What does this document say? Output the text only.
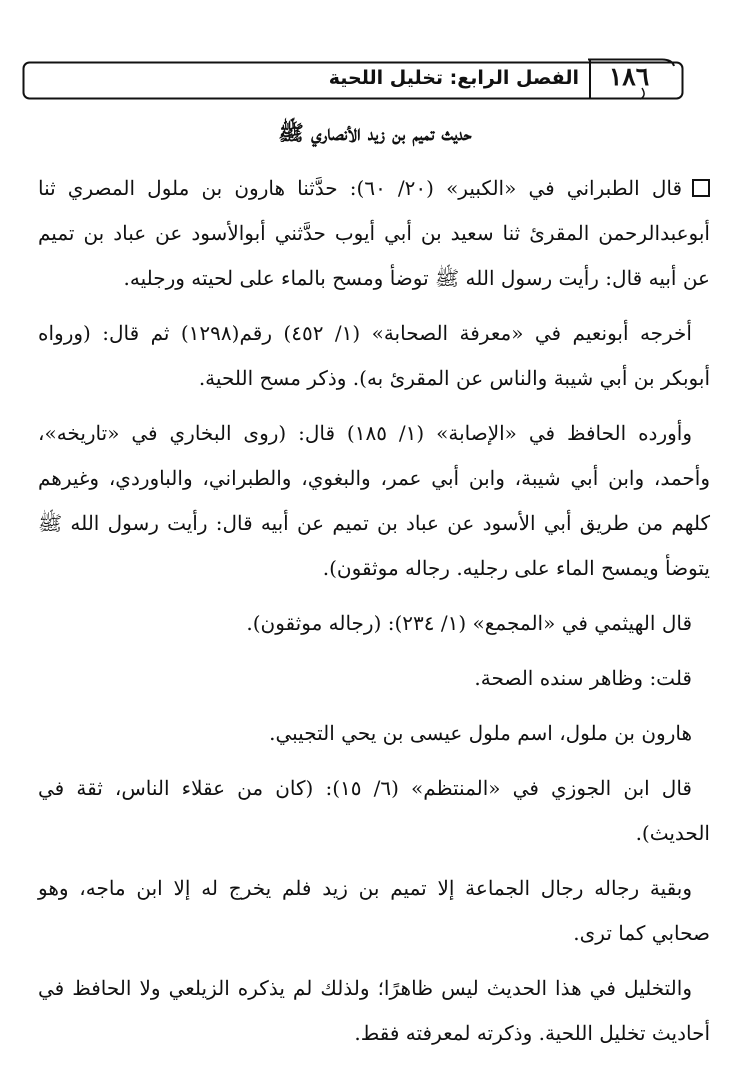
الفصل الرابع: تخليل اللحية	١٨٦
حديث تميم بن زيد الأنصاري ﷺ

قال الطبراني في «الكبير» (٢٠/ ٦٠): حدَّثنا هارون بن ملول المصري ثنا أبوعبدالرحمن المقرئ ثنا سعيد بن أبي أيوب حدَّثني أبوالأسود عن عباد بن تميم عن أبيه قال: رأيت رسول الله ﷺ توضأ ومسح بالماء على لحيته ورجليه.

أخرجه أبونعيم في «معرفة الصحابة» (١/ ٤٥٢) رقم(١٢٩٨) ثم قال: (ورواه أبوبكر بن أبي شيبة والناس عن المقرئ به). وذكر مسح اللحية.

وأورده الحافظ في «الإصابة» (١/ ١٨٥) قال: (روى البخاري في «تاريخه»، وأحمد، وابن أبي شيبة، وابن أبي عمر، والبغوي، والطبراني، والباوردي، وغيرهم كلهم من طريق أبي الأسود عن عباد بن تميم عن أبيه قال: رأيت رسول الله ﷺ يتوضأ ويمسح الماء على رجليه. رجاله موثقون).

قال الهيثمي في «المجمع» (١/ ٢٣٤): (رجاله موثقون).

قلت: وظاهر سنده الصحة.

هارون بن ملول، اسم ملول عيسى بن يحي التجيبي.

قال ابن الجوزي في «المنتظم» (٦/ ١٥): (كان من عقلاء الناس، ثقة في الحديث).

وبقية رجاله رجال الجماعة إلا تميم بن زيد فلم يخرج له إلا ابن ماجه، وهو صحابي كما ترى.

والتخليل في هذا الحديث ليس ظاهرًا؛ ولذلك لم يذكره الزيلعي ولا الحافظ في أحاديث تخليل اللحية. وذكرته لمعرفته فقط.
